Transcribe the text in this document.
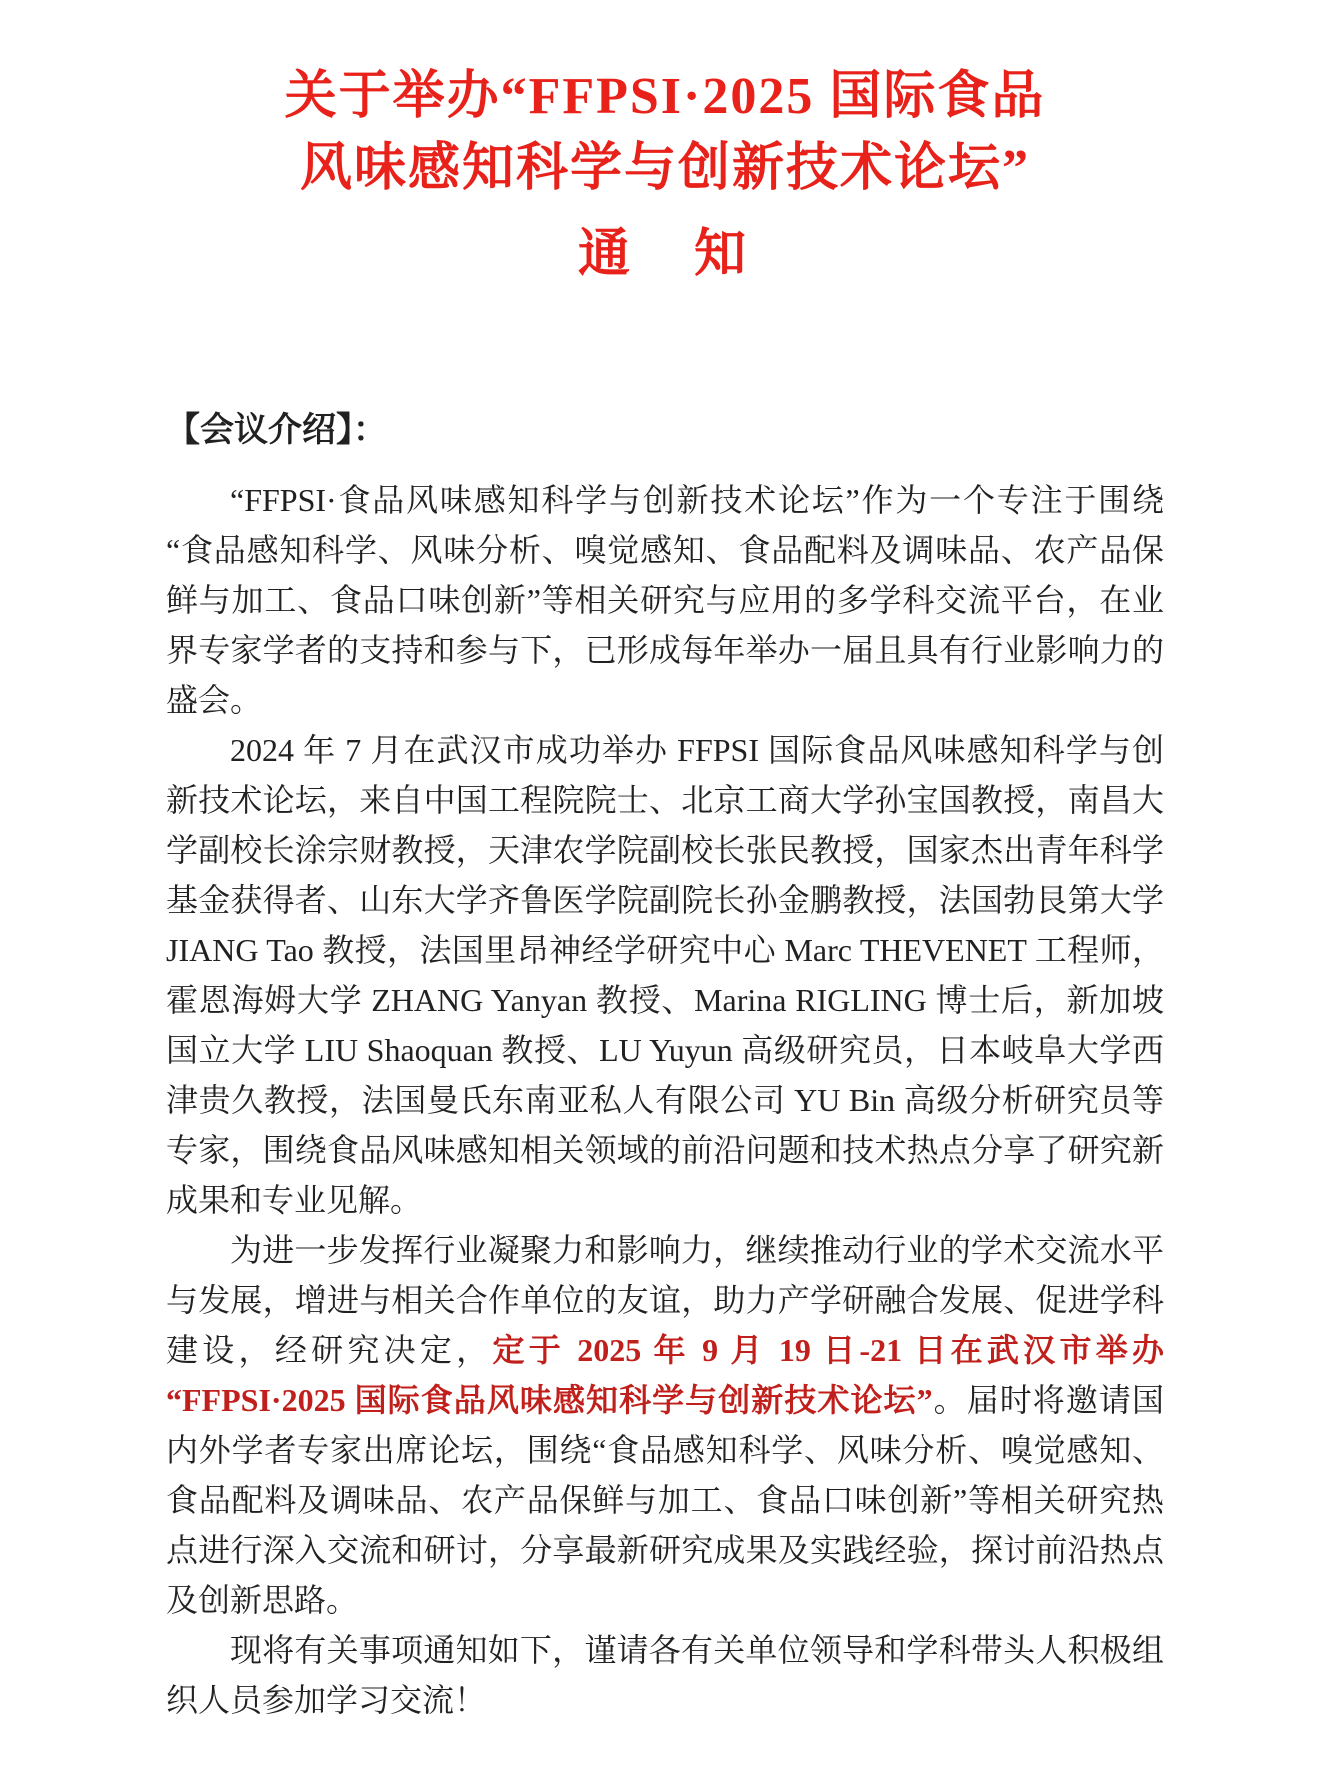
关于举办“FFPSI·2025 国际食品
风味感知科学与创新技术论坛”
通　知
【会议介绍】：

“FFPSI·食品风味感知科学与创新技术论坛”作为一个专注于围绕“食品感知科学、风味分析、嗅觉感知、食品配料及调味品、农产品保鲜与加工、食品口味创新”等相关研究与应用的多学科交流平台，在业界专家学者的支持和参与下，已形成每年举办一届且具有行业影响力的盛会。

2024 年 7 月在武汉市成功举办 FFPSI 国际食品风味感知科学与创新技术论坛，来自中国工程院院士、北京工商大学孙宝国教授，南昌大学副校长涂宗财教授，天津农学院副校长张民教授，国家杰出青年科学基金获得者、山东大学齐鲁医学院副院长孙金鹏教授，法国勃艮第大学 JIANG Tao 教授，法国里昂神经学研究中心 Marc THEVENET 工程师，霍恩海姆大学 ZHANG Yanyan 教授、Marina RIGLING 博士后，新加坡国立大学 LIU Shaoquan 教授、LU Yuyun 高级研究员，日本岐阜大学西津贵久教授，法国曼氏东南亚私人有限公司 YU Bin 高级分析研究员等专家，围绕食品风味感知相关领域的前沿问题和技术热点分享了研究新成果和专业见解。

为进一步发挥行业凝聚力和影响力，继续推动行业的学术交流水平与发展，增进与相关合作单位的友谊，助力产学研融合发展、促进学科建设，经研究决定，定于 2025 年 9 月 19 日-21 日在武汉市举办“FFPSI·2025 国际食品风味感知科学与创新技术论坛”。届时将邀请国内外学者专家出席论坛，围绕“食品感知科学、风味分析、嗅觉感知、食品配料及调味品、农产品保鲜与加工、食品口味创新”等相关研究热点进行深入交流和研讨，分享最新研究成果及实践经验，探讨前沿热点及创新思路。

现将有关事项通知如下，谨请各有关单位领导和学科带头人积极组织人员参加学习交流！
